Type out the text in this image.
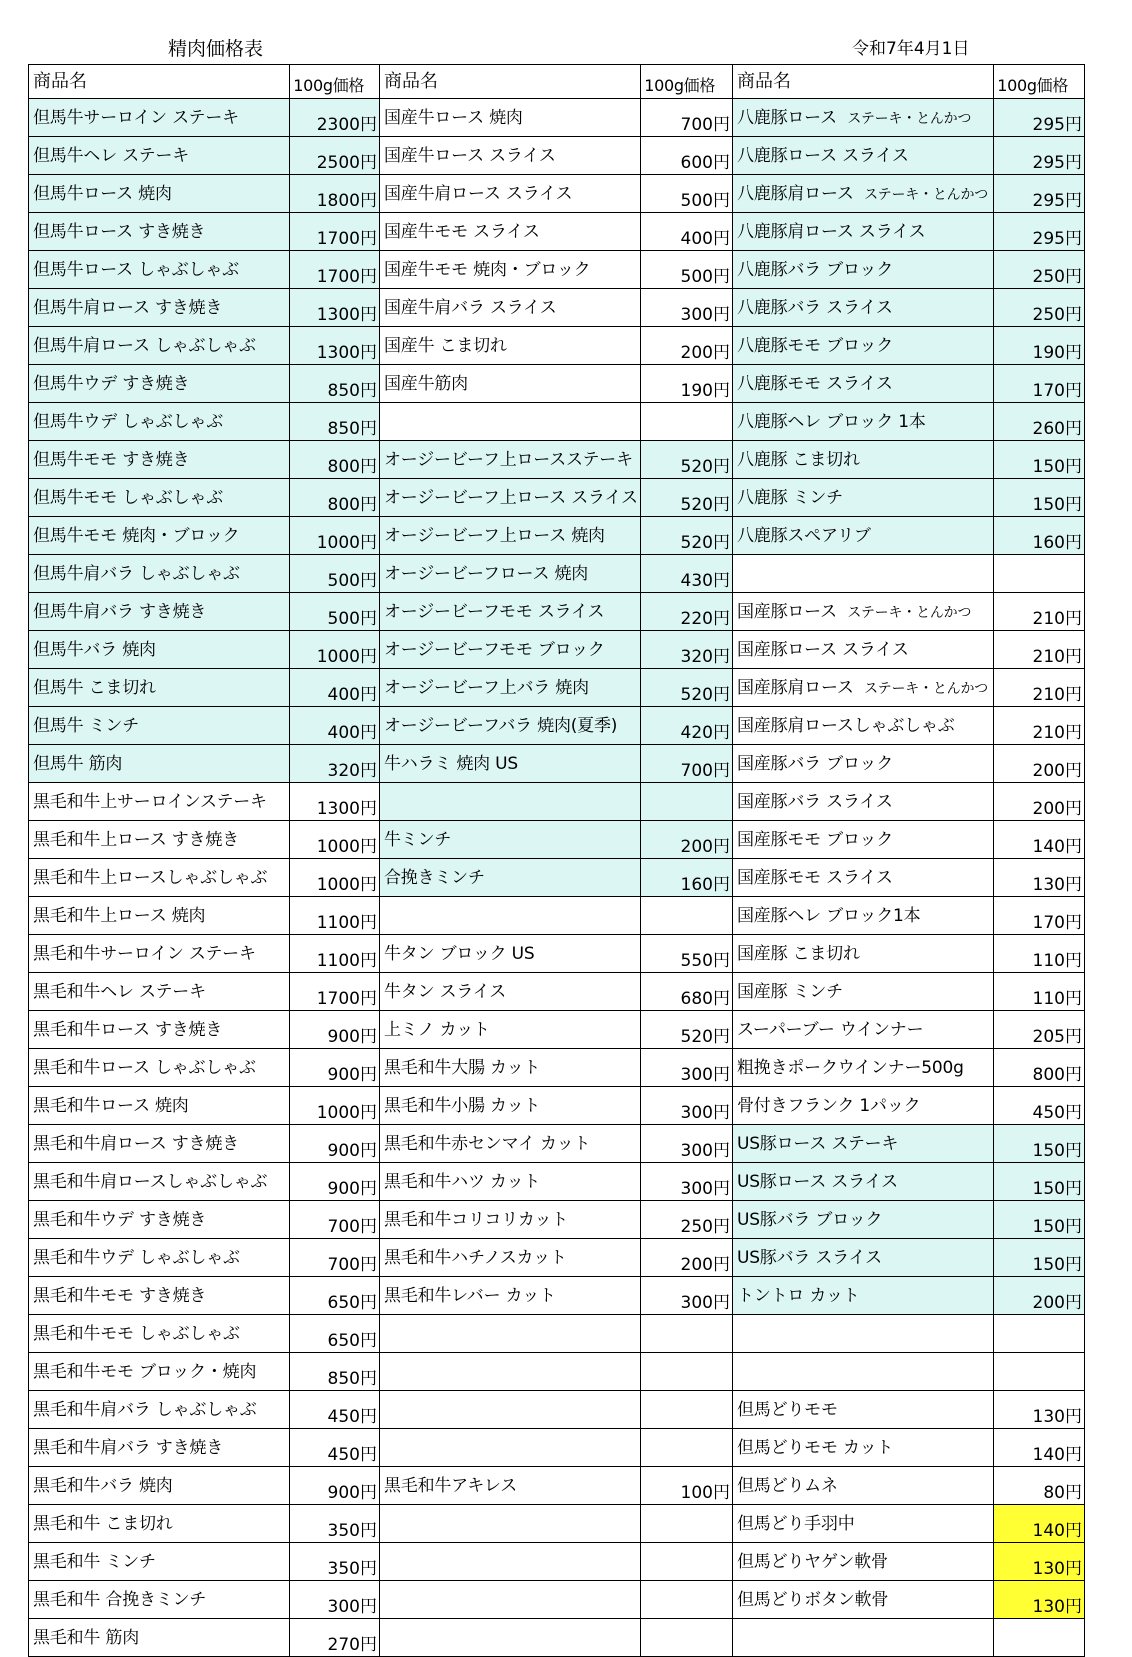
精肉価格表	令和7年4月1日
商品名	100g価格	商品名	100g価格	商品名	100g価格
但馬牛サーロイン ステーキ	2300円	国産牛ロース 焼肉	700円	八鹿豚ロース ステーキ・とんかつ	295円
但馬牛ヘレ ステーキ	2500円	国産牛ロース スライス	600円	八鹿豚ロース スライス	295円
但馬牛ロース 焼肉	1800円	国産牛肩ロース スライス	500円	八鹿豚肩ロース ステーキ・とんかつ	295円
但馬牛ロース すき焼き	1700円	国産牛モモ スライス	400円	八鹿豚肩ロース スライス	295円
但馬牛ロース しゃぶしゃぶ	1700円	国産牛モモ 焼肉・ブロック	500円	八鹿豚バラ ブロック	250円
但馬牛肩ロース すき焼き	1300円	国産牛肩バラ スライス	300円	八鹿豚バラ スライス	250円
但馬牛肩ロース しゃぶしゃぶ	1300円	国産牛 こま切れ	200円	八鹿豚モモ ブロック	190円
但馬牛ウデ すき焼き	850円	国産牛筋肉	190円	八鹿豚モモ スライス	170円
但馬牛ウデ しゃぶしゃぶ	850円			八鹿豚ヘレ ブロック 1本	260円
但馬牛モモ すき焼き	800円	オージービーフ上ロースステーキ	520円	八鹿豚 こま切れ	150円
但馬牛モモ しゃぶしゃぶ	800円	オージービーフ上ロース スライス	520円	八鹿豚 ミンチ	150円
但馬牛モモ 焼肉・ブロック	1000円	オージービーフ上ロース 焼肉	520円	八鹿豚スペアリブ	160円
但馬牛肩バラ しゃぶしゃぶ	500円	オージービーフロース 焼肉	430円		
但馬牛肩バラ すき焼き	500円	オージービーフモモ スライス	220円	国産豚ロース ステーキ・とんかつ	210円
但馬牛バラ 焼肉	1000円	オージービーフモモ ブロック	320円	国産豚ロース スライス	210円
但馬牛 こま切れ	400円	オージービーフ上バラ 焼肉	520円	国産豚肩ロース ステーキ・とんかつ	210円
但馬牛 ミンチ	400円	オージービーフバラ 焼肉(夏季)	420円	国産豚肩ロースしゃぶしゃぶ	210円
但馬牛 筋肉	320円	牛ハラミ 焼肉 US	700円	国産豚バラ ブロック	200円
黒毛和牛上サーロインステーキ	1300円			国産豚バラ スライス	200円
黒毛和牛上ロース すき焼き	1000円	牛ミンチ	200円	国産豚モモ ブロック	140円
黒毛和牛上ロースしゃぶしゃぶ	1000円	合挽きミンチ	160円	国産豚モモ スライス	130円
黒毛和牛上ロース 焼肉	1100円			国産豚ヘレ ブロック1本	170円
黒毛和牛サーロイン ステーキ	1100円	牛タン ブロック US	550円	国産豚 こま切れ	110円
黒毛和牛ヘレ ステーキ	1700円	牛タン スライス	680円	国産豚 ミンチ	110円
黒毛和牛ロース すき焼き	900円	上ミノ カット	520円	スーパーブー ウインナー	205円
黒毛和牛ロース しゃぶしゃぶ	900円	黒毛和牛大腸 カット	300円	粗挽きポークウインナー500g	800円
黒毛和牛ロース 焼肉	1000円	黒毛和牛小腸 カット	300円	骨付きフランク 1パック	450円
黒毛和牛肩ロース すき焼き	900円	黒毛和牛赤センマイ カット	300円	US豚ロース ステーキ	150円
黒毛和牛肩ロースしゃぶしゃぶ	900円	黒毛和牛ハツ カット	300円	US豚ロース スライス	150円
黒毛和牛ウデ すき焼き	700円	黒毛和牛コリコリカット	250円	US豚バラ ブロック	150円
黒毛和牛ウデ しゃぶしゃぶ	700円	黒毛和牛ハチノスカット	200円	US豚バラ スライス	150円
黒毛和牛モモ すき焼き	650円	黒毛和牛レバー カット	300円	トントロ カット	200円
黒毛和牛モモ しゃぶしゃぶ	650円				
黒毛和牛モモ ブロック・焼肉	850円				
黒毛和牛肩バラ しゃぶしゃぶ	450円			但馬どりモモ	130円
黒毛和牛肩バラ すき焼き	450円			但馬どりモモ カット	140円
黒毛和牛バラ 焼肉	900円	黒毛和牛アキレス	100円	但馬どりムネ	80円
黒毛和牛 こま切れ	350円			但馬どり手羽中	140円
黒毛和牛 ミンチ	350円			但馬どりヤゲン軟骨	130円
黒毛和牛 合挽きミンチ	300円			但馬どりボタン軟骨	130円
黒毛和牛 筋肉	270円				
